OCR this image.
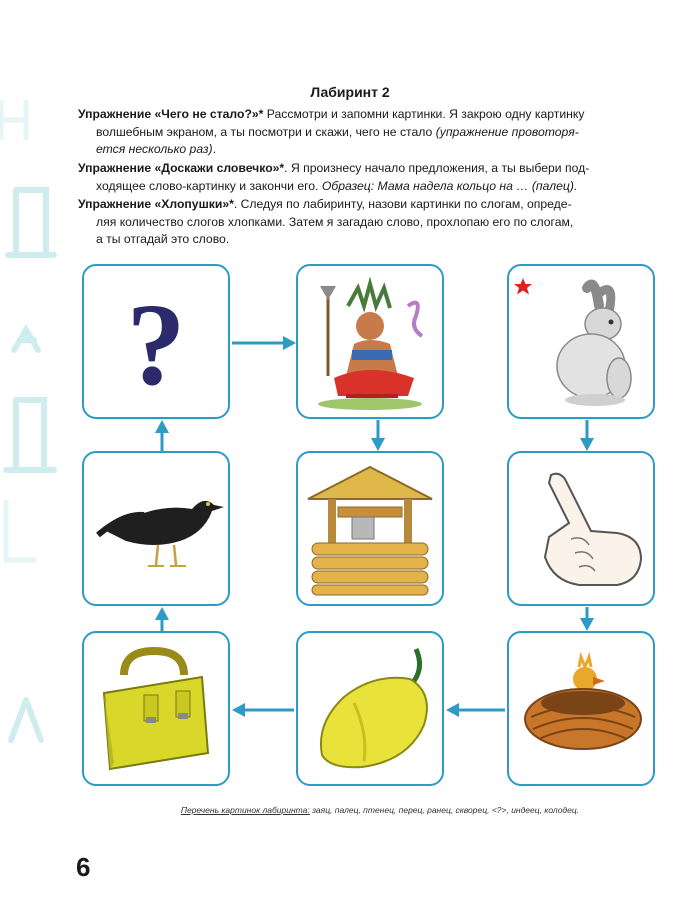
Лабиринт 2
Упражнение «Чего не стало?»* Рассмотри и запомни картинки. Я закрою одну картинку
волшебным экраном, а ты посмотри и скажи, чего не стало (упражнение провоторя-
ется несколько раз).
Упражнение «Доскажи словечко»*. Я произнесу начало предложения, а ты выбери под-
ходящее слово-картинку и закончи его. Образец: Мама надела кольцо на … (палец).
Упражнение «Хлопушки»*. Следуя по лабиринту, назови картинки по слогам, опреде-
ляя количество слогов хлопками. Затем я загадаю слово, прохлопаю его по слогам,
а ты отгадай это слово.
?
Перечень картинок лабиринта: заяц, палец, птенец, перец, ранец, скворец, <?>, индеец, колодец.
6
